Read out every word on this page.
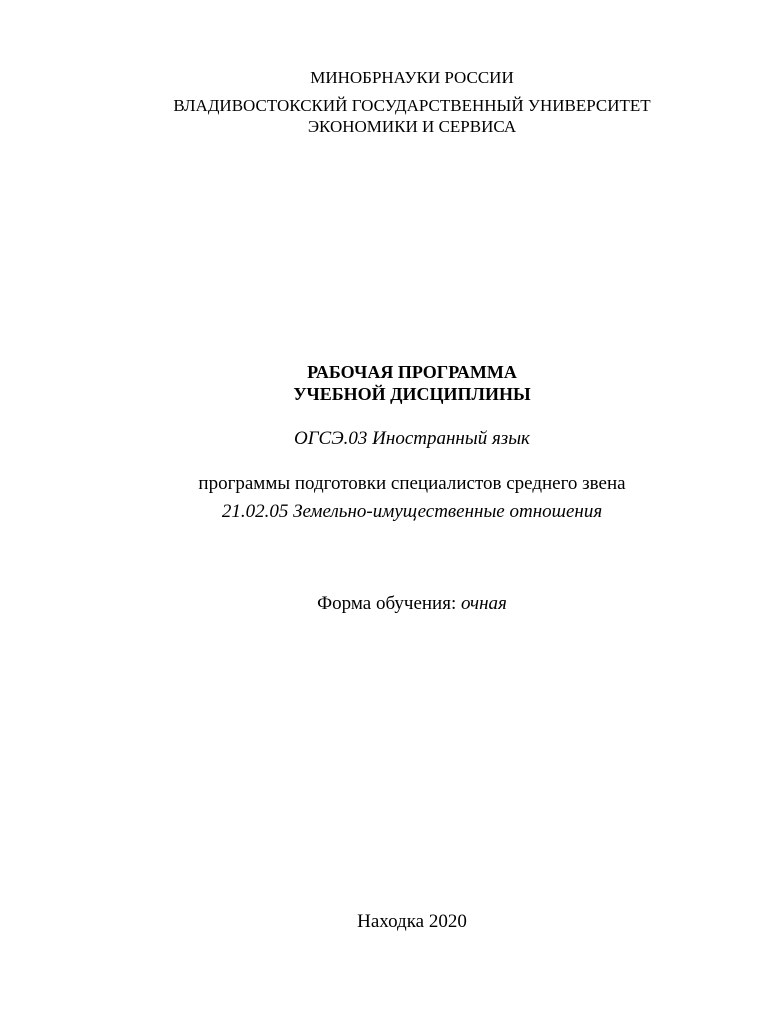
МИНОБРНАУКИ РОССИИ
ВЛАДИВОСТОКСКИЙ ГОСУДАРСТВЕННЫЙ УНИВЕРСИТЕТ
ЭКОНОМИКИ И СЕРВИСА
РАБОЧАЯ ПРОГРАММА
УЧЕБНОЙ ДИСЦИПЛИНЫ
ОГСЭ.03 Иностранный язык
программы подготовки специалистов среднего звена
21.02.05 Земельно-имущественные отношения
Форма обучения: очная
Находка 2020
